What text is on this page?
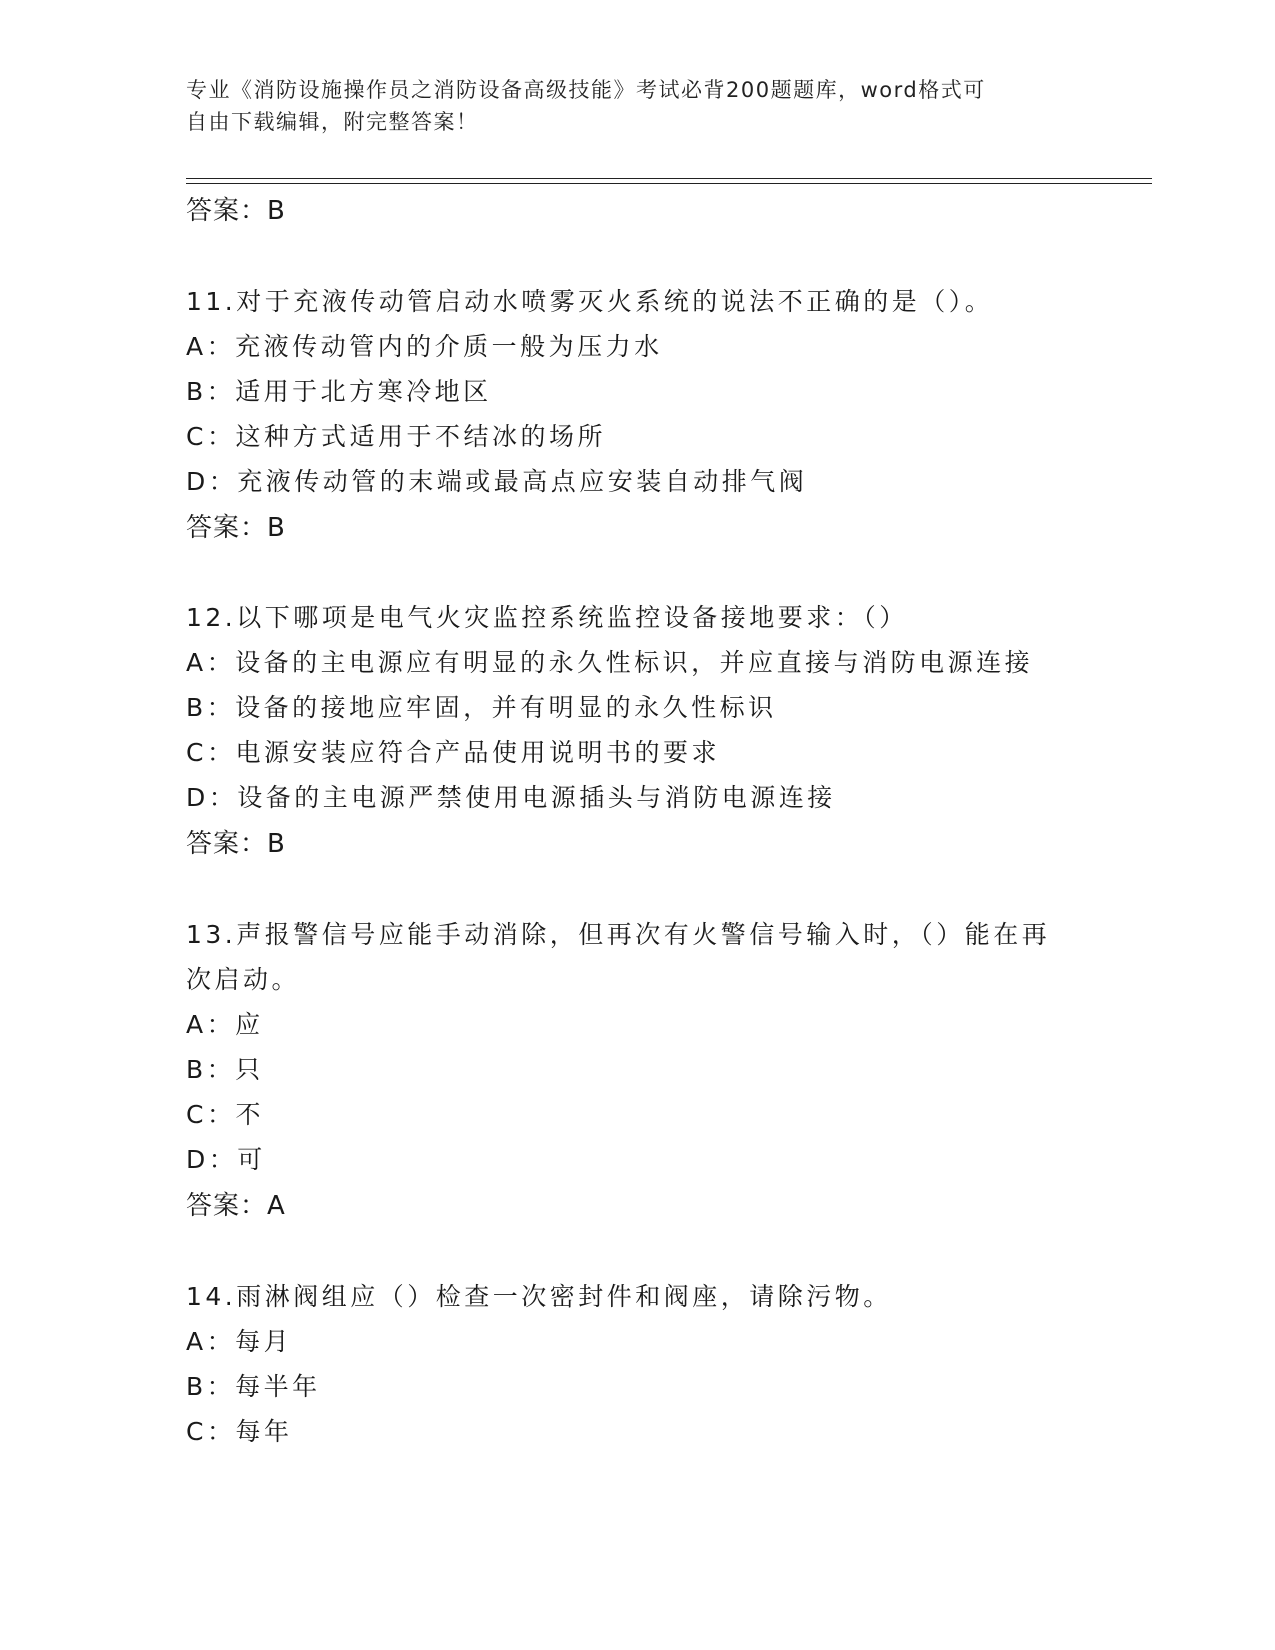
专业《消防设施操作员之消防设备高级技能》考试必背200题题库，word格式可
自由下载编辑，附完整答案！
答案：B
11.对于充液传动管启动水喷雾灭火系统的说法不正确的是（）。
A：充液传动管内的介质一般为压力水
B：适用于北方寒冷地区
C：这种方式适用于不结冰的场所
D：充液传动管的末端或最高点应安装自动排气阀
答案：B
12.以下哪项是电气火灾监控系统监控设备接地要求：（）
A：设备的主电源应有明显的永久性标识，并应直接与消防电源连接
B：设备的接地应牢固，并有明显的永久性标识
C：电源安装应符合产品使用说明书的要求
D：设备的主电源严禁使用电源插头与消防电源连接
答案：B
13.声报警信号应能手动消除，但再次有火警信号输入时，（）能在再
次启动。
A：应
B：只
C：不
D：可
答案：A
14.雨淋阀组应（）检查一次密封件和阀座，请除污物。
A：每月
B：每半年
C：每年
